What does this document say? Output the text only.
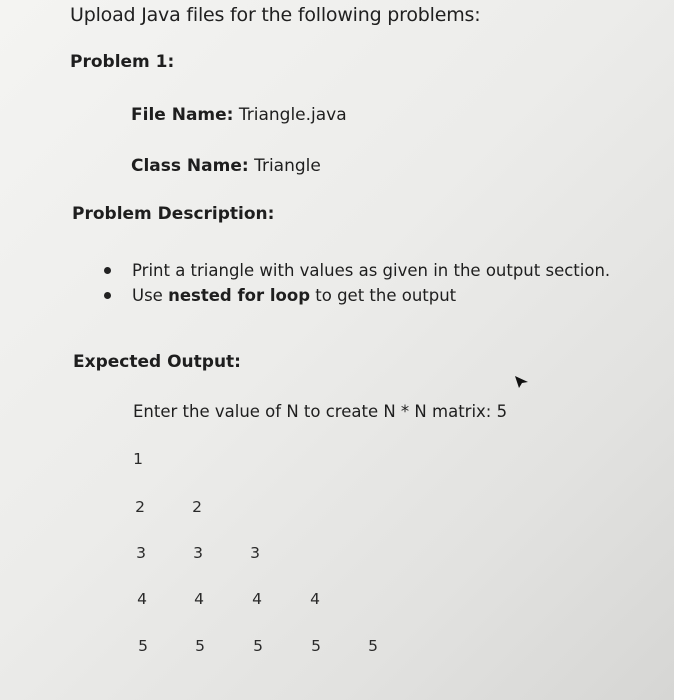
Upload Java files for the following problems:
Problem 1:
File Name: Triangle.java
Class Name: Triangle
Problem Description:
Print a triangle with values as given in the output section.
Use nested for loop to get the output
Expected Output:
Enter the value of N to create N * N matrix: 5
1
2	2
3	3	3
4	4	4	4
5	5	5	5	5
